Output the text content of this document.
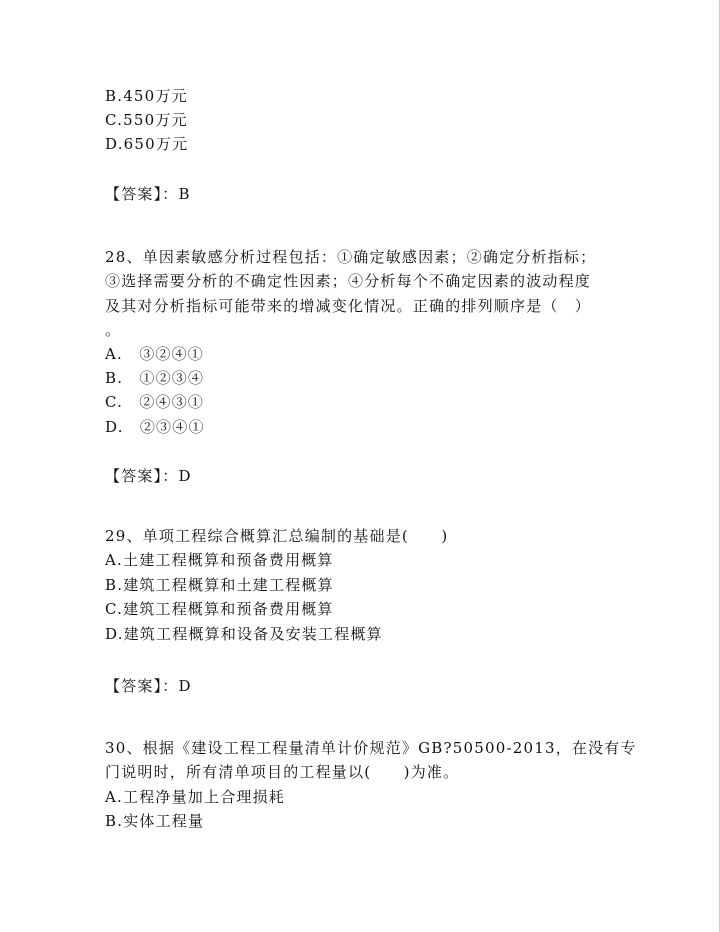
B.450万元

C.550万元

D.650万元

【答案】：B

28、单因素敏感分析过程包括：①确定敏感因素；②确定分析指标；

③选择需要分析的不确定性因素；④分析每个不确定因素的波动程度

及其对分析指标可能带来的增减变化情况。正确的排列顺序是（　）

。

A.　③②④①

B.　①②③④

C.　②④③①

D.　②③④①

【答案】：D

29、单项工程综合概算汇总编制的基础是(　　)

A.土建工程概算和预备费用概算

B.建筑工程概算和土建工程概算

C.建筑工程概算和预备费用概算

D.建筑工程概算和设备及安装工程概算

【答案】：D

30、根据《建设工程工程量清单计价规范》GB?50500-2013，在没有专

门说明时，所有清单项目的工程量以(　　)为准。

A.工程净量加上合理损耗

B.实体工程量
